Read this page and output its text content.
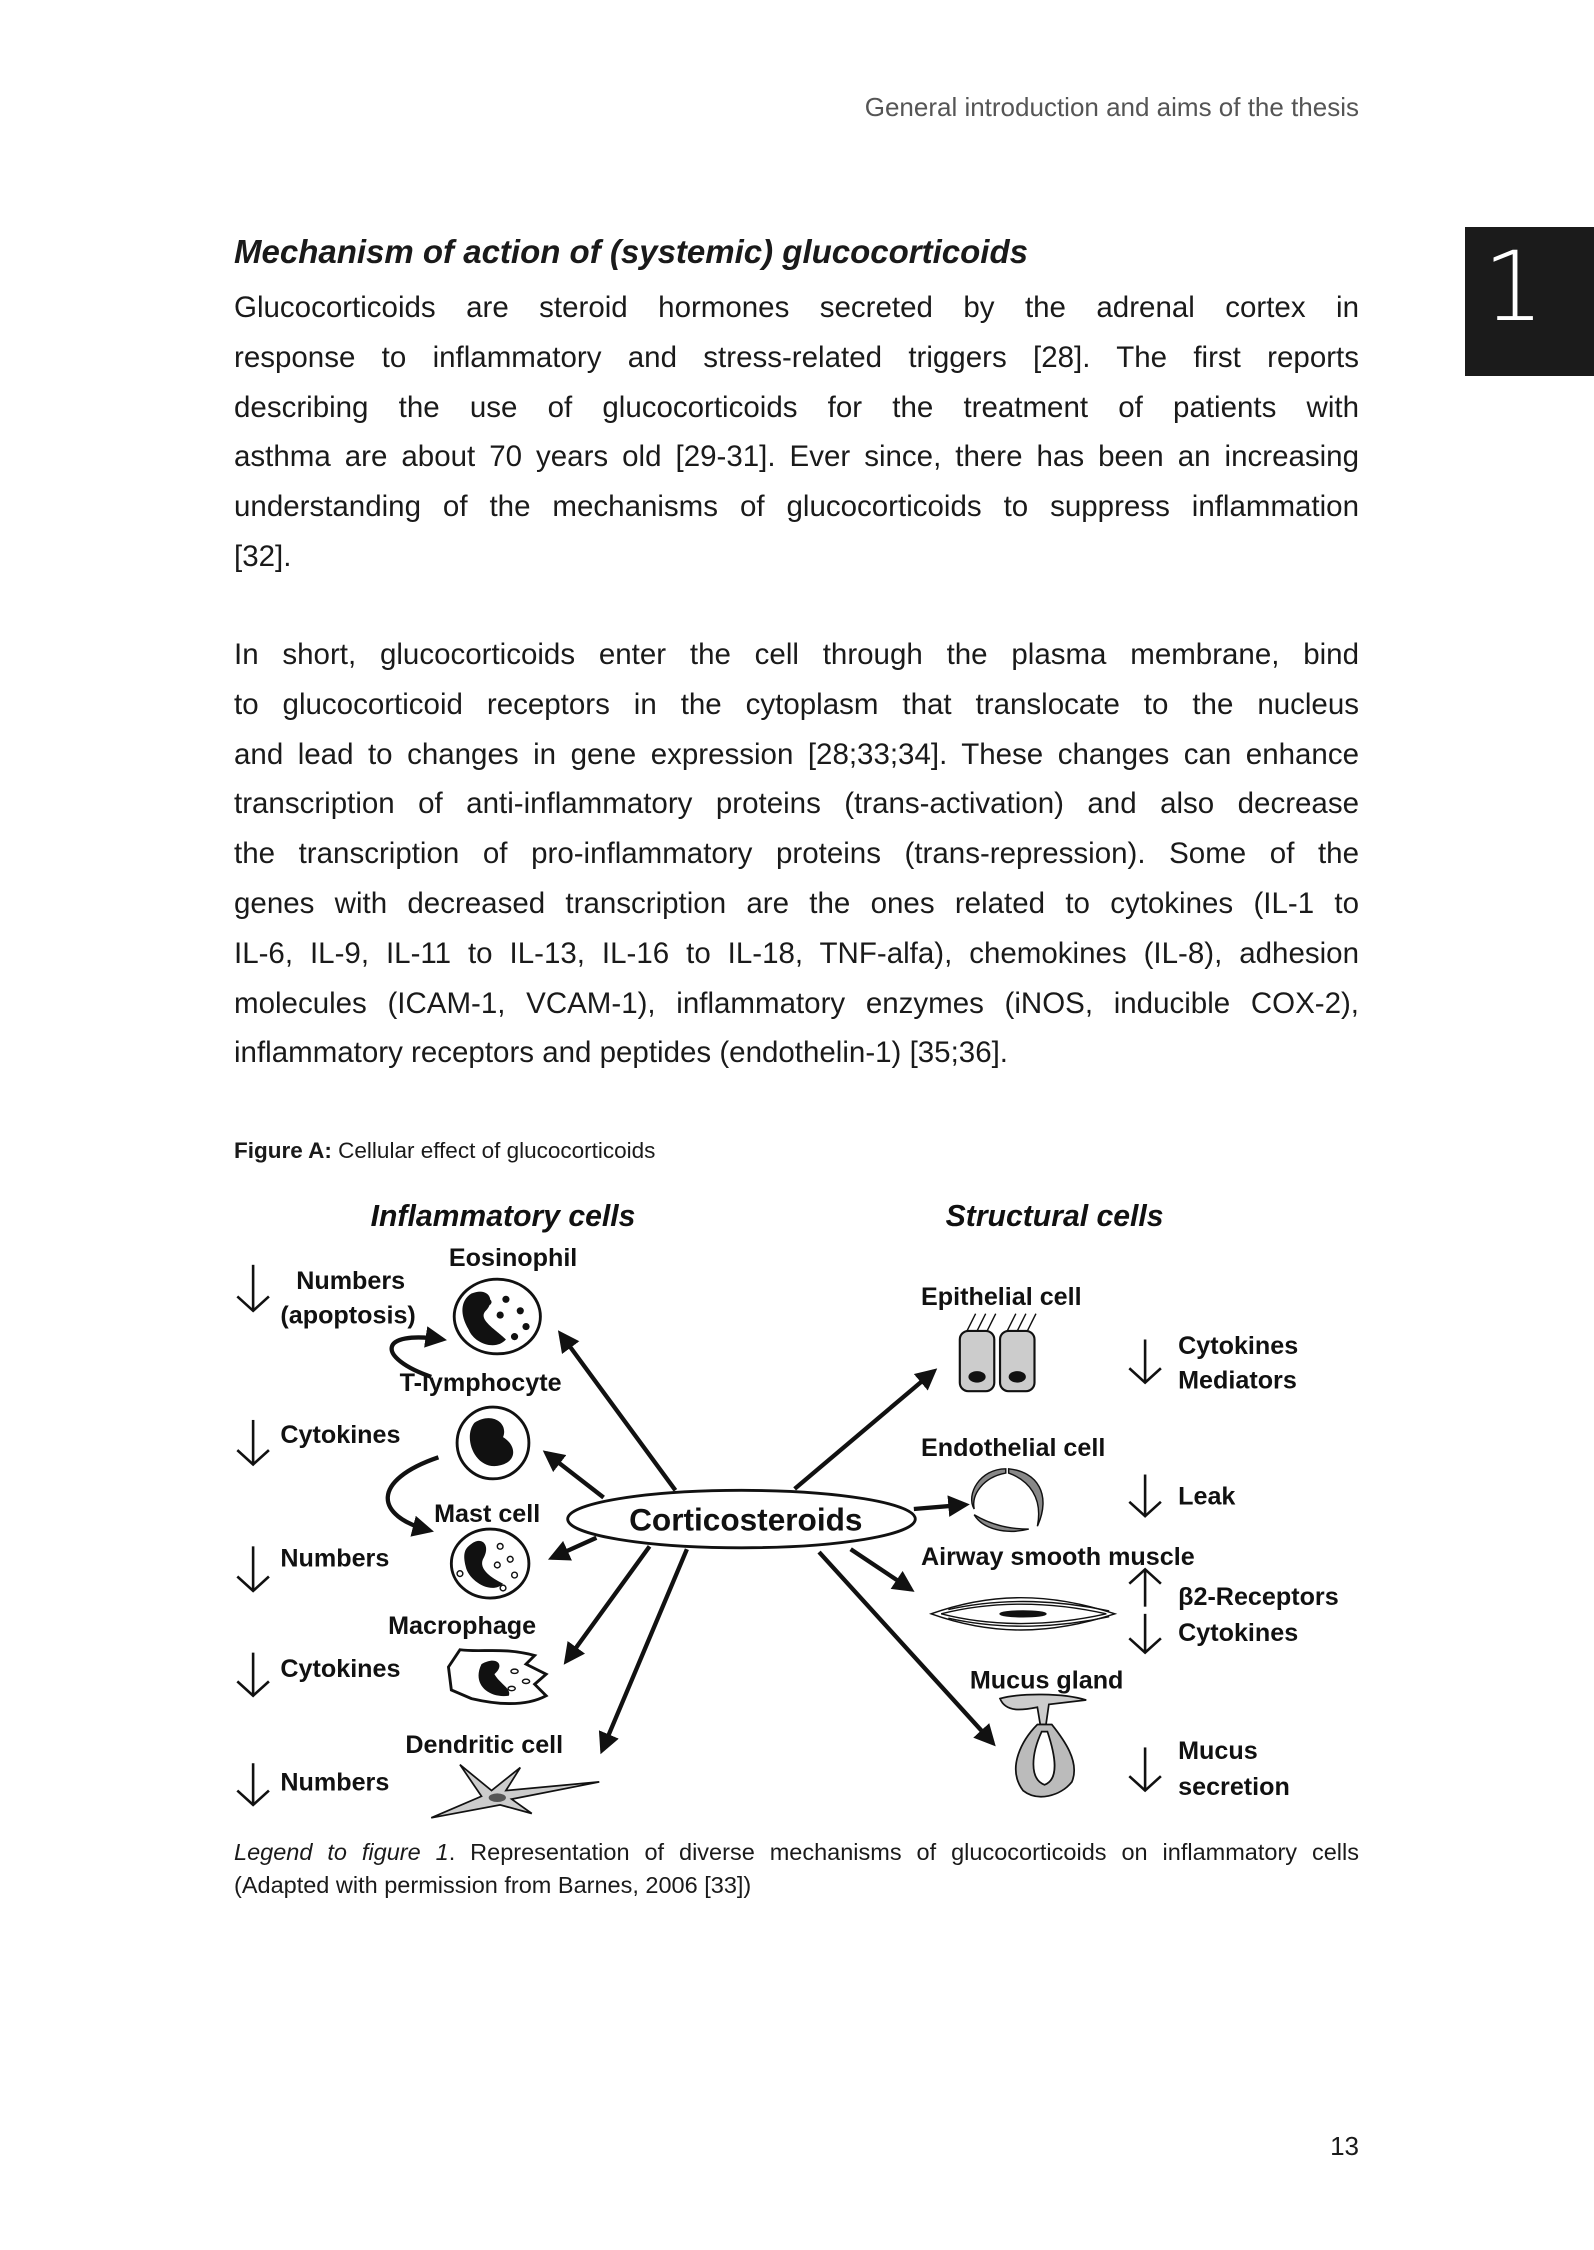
General introduction and aims of the thesis
1
Mechanism of action of (systemic) glucocorticoids
Glucocorticoids are steroid hormones secreted by the adrenal cortex in
response to inflammatory and stress-related triggers [28]. The first reports
describing the use of glucocorticoids for the treatment of patients with
asthma are about 70 years old [29-31]. Ever since, there has been an increasing
understanding of the mechanisms of glucocorticoids to suppress inflammation
[32].
In short, glucocorticoids enter the cell through the plasma membrane, bind
to glucocorticoid receptors in the cytoplasm that translocate to the nucleus
and lead to changes in gene expression [28;33;34]. These changes can enhance
transcription of anti-inflammatory proteins (trans-activation) and also decrease
the transcription of pro-inflammatory proteins (trans-repression). Some of the
genes with decreased transcription are the ones related to cytokines (IL-1 to
IL-6, IL-9, IL-11 to IL-13, IL-16 to IL-18, TNF-alfa), chemokines (IL-8), adhesion
molecules (ICAM-1, VCAM-1), inflammatory enzymes (iNOS, inducible COX-2),
inflammatory receptors and peptides (endothelin-1) [35;36].
Figure A: Cellular effect of glucocorticoids
Inflammatory cells	Structural cells
Eosinophil
Numbers
(apoptosis)
T-lymphocyte
Cytokines
Mast cell
Numbers
Macrophage
Cytokines
Dendritic cell
Numbers
Epithelial cell
Cytokines
Mediators
Endothelial cell
Leak
Airway smooth muscle
β2-Receptors
Cytokines
Mucus gland
Mucus
secretion
Corticosteroids
Legend to figure 1. Representation of diverse mechanisms of glucocorticoids on inflammatory cells
(Adapted with permission from Barnes, 2006 [33])
13
